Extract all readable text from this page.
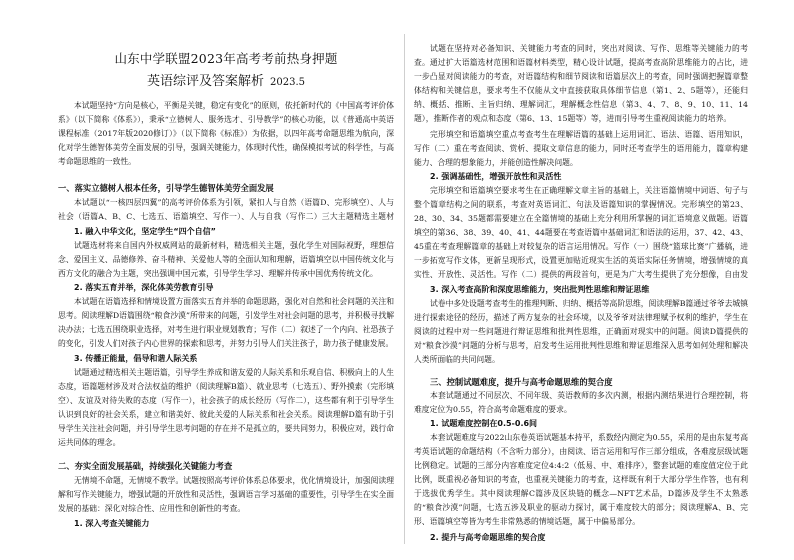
山东中学联盟2023年高考考前热身押题
英语综评及答案解析 2023.5

本试题坚持“方向是核心，平衡是关键，稳定有变化”的原则，依托新时代的《中国高考评价体系》（以下简称《体系》），秉承“立德树人、服务选才、引导教学”的核心功能，以《普通高中英语课程标准（2017年版2020修订）》（以下简称《标准》）为依据，以四年高考命题思维为航向，深化对学生德智体美劳全面发展的引导，强调关键能力，体现时代性，确保模拟考试的科学性，与高考命题思维的一致性。

一、落实立德树人根本任务，引导学生德智体美劳全面发展

本试题以“一核四层四翼”的高考评价体系为引领，紧扣人与自然（语篇D、完形填空）、人与社会（语篇A、B、C、七选五、语篇填空、写作一）、人与自我（写作二）三大主题精选主题材

1. 融入中华文化，坚定学生“四个自信”

试题选材将来自国内外权威网站的最新材料，精选相关主题，强化学生对国际视野，理想信念、爱国主义、品德修养、奋斗精神、关爱他人等的全面认知和理解，语篇填空以中国传统文化与西方文化的融合为主题，突出强调中国元素，引导学生学习、理解并传承中国优秀传统文化。

2. 落实五育并举，深化体美劳教育引导

本试题在语篇选择和情境设置方面落实五育并举的命题思路，强化对自然和社会问题的关注和思考。阅读理解D语篇围绕“粮食沙漠”所带来的问题，引发学生对社会问题的思考，并积极寻找解决办法；七选五围绕职业选择，对考生进行职业规划教育；写作（二）叙述了一个内向、社恐孩子的变化，引发人们对孩子内心世界的探索和思考，并努力引导人们关注孩子，助力孩子健康发展。

3. 传播正能量，倡导和谐人际关系

试题通过精选相关主题语篇，引导学生养成和谐友爱的人际关系和乐观自信、积极向上的人生态度，语篇题材涉及对合法权益的维护（阅读理解B篇）、就业思考（七选五）、野外摸索（完形填空）、友谊及对待失败的态度（写作一），社会孩子的成长经历（写作二），这些都有利于引导学生认识到良好的社会关系，建立和谐美好、彼此关爱的人际关系和社会关系。阅读理解D篇有助于引导学生关注社会问题，并引导学生思考问题的存在并不是孤立的，要共同努力，积极应对，践行命运共同体的理念。

二、夯实全面发展基础，持续强化关键能力考查

无情境不命题，无情境不教学。试题按照高考评价体系总体要求，优化情境设计，加强阅读理解和写作关键能力，增强试题的开放性和灵活性，强调语言学习基础的重要性，引导学生在实全面发展的基础：深化对综合性、应用性和创新性的考查。

1. 深入考查关键能力

试题在坚持对必备知识、关键能力考查的同时，突出对阅读、写作、思维等关键能力的考查。通过扩大语篇选材范围和语篇材料类型，精心设计试题，提高考查高阶思维能力的占比，进一步凸显对阅读能力的考查，对语篇结构和细节阅读和语篇层次上的考查，同时强调把握篇章整体结构和关键信息，要求考生不仅能从文中直接获取具体细节信息（第1、2、5题等），还能归纳、概括、推断、主旨归纳、理解词汇，理解概念性信息（第3、4、7、8、9、10、11、14题），推断作者的观点和态度（第6、13、15题等）等，进而引导考生重视阅读能力的培养。

完形填空和语篇填空重点考查考生在理解语篇的基础上运用词汇、语法、语篇、语用知识，写作（二）重在考查阅读、赏析、提取文章信息的能力，同时还考查学生的语用能力，篇章构建能力、合理的想象能力，并能创造性解决问题。

2. 强调基础性，增强开放性和灵活性

完形填空和语篇填空要求考生在正确理解文章主旨的基础上，关注语篇情境中词语、句子与整个篇章结构之间的联系，考查对英语词汇、句法及语篇知识的掌握情况。完形填空的第23、28、30、34、35题都需要建立在全篇情境的基础上充分利用所掌握的词汇语境意义做题。语篇填空的第36、38、39、40、41、44题要在考查语篇中基础词汇和语法的运用，37、42、43、45重在考查理解篇章的基础上对较复杂的语言运用情况。写作（一）围绕“篮球比赛”广播稿，进一步拓宽写作文体，更新呈现形式，设置更加贴近现实生活的英语实际任务情境，增强情境的真实性、开放性、灵活性。写作（二）提供的两段首句，更是为广大考生提供了充分想像，自由发

3. 深入考查高阶和深度思维能力，突出批判性思维和辩证思维

试卷中多处设题考查考生的推理判断、归纳、概括等高阶思维，阅读理解B篇通过爷爷去城镇进行探索途径的经历，描述了两方复杂的社会环境，以及爷爷对法律理赋予权利的维护，学生在阅读的过程中对一些问题进行辩证思维和批判性思维，正确面对现实中的问题。阅读D篇提供的对“粮食沙漠”问题的分析与思考，启发考生运用批判性思维和辩证思维深入思考如何处理和解决人类所面临的共同问题。

三、控制试题难度，提升与高考命题思维的契合度

本套试题通过不同层次、不同年级、英语教师的多次内测，根据内测结果进行合理控制，将难度定位为0.55，符合高考命题难度的要求。

1. 试题难度控制在0.5-0.6间

本套试题难度与2022山东卷英语试题基本持平，系数经内测定为0.55，采用的是由东复考高考英语试题的命题结构（不含听力部分），由阅读、语言运用和写作三部分组成，各难度层级试题比例稳定。试题的三部分内容难度定位4:4:2（低易、中、难排序），整套试题的难度值定位于此比例，既重视必备知识的考查，也重视关键能力的考查，这样既有利于大部分学生作答，也有利于选拔优秀学生。其中阅读理解C篇涉及区块链的概念—NFT艺术品，D篇涉及学生不太熟悉的“粮食沙漠”问题，七选五涉及职业的驱动力探讨，属于难度较大的部分；阅读理解A、B、完形、语篇填空等皆为考生非常熟悉的情境话题，属于中偏易部分。

2. 提升与高考命题思维的契合度
